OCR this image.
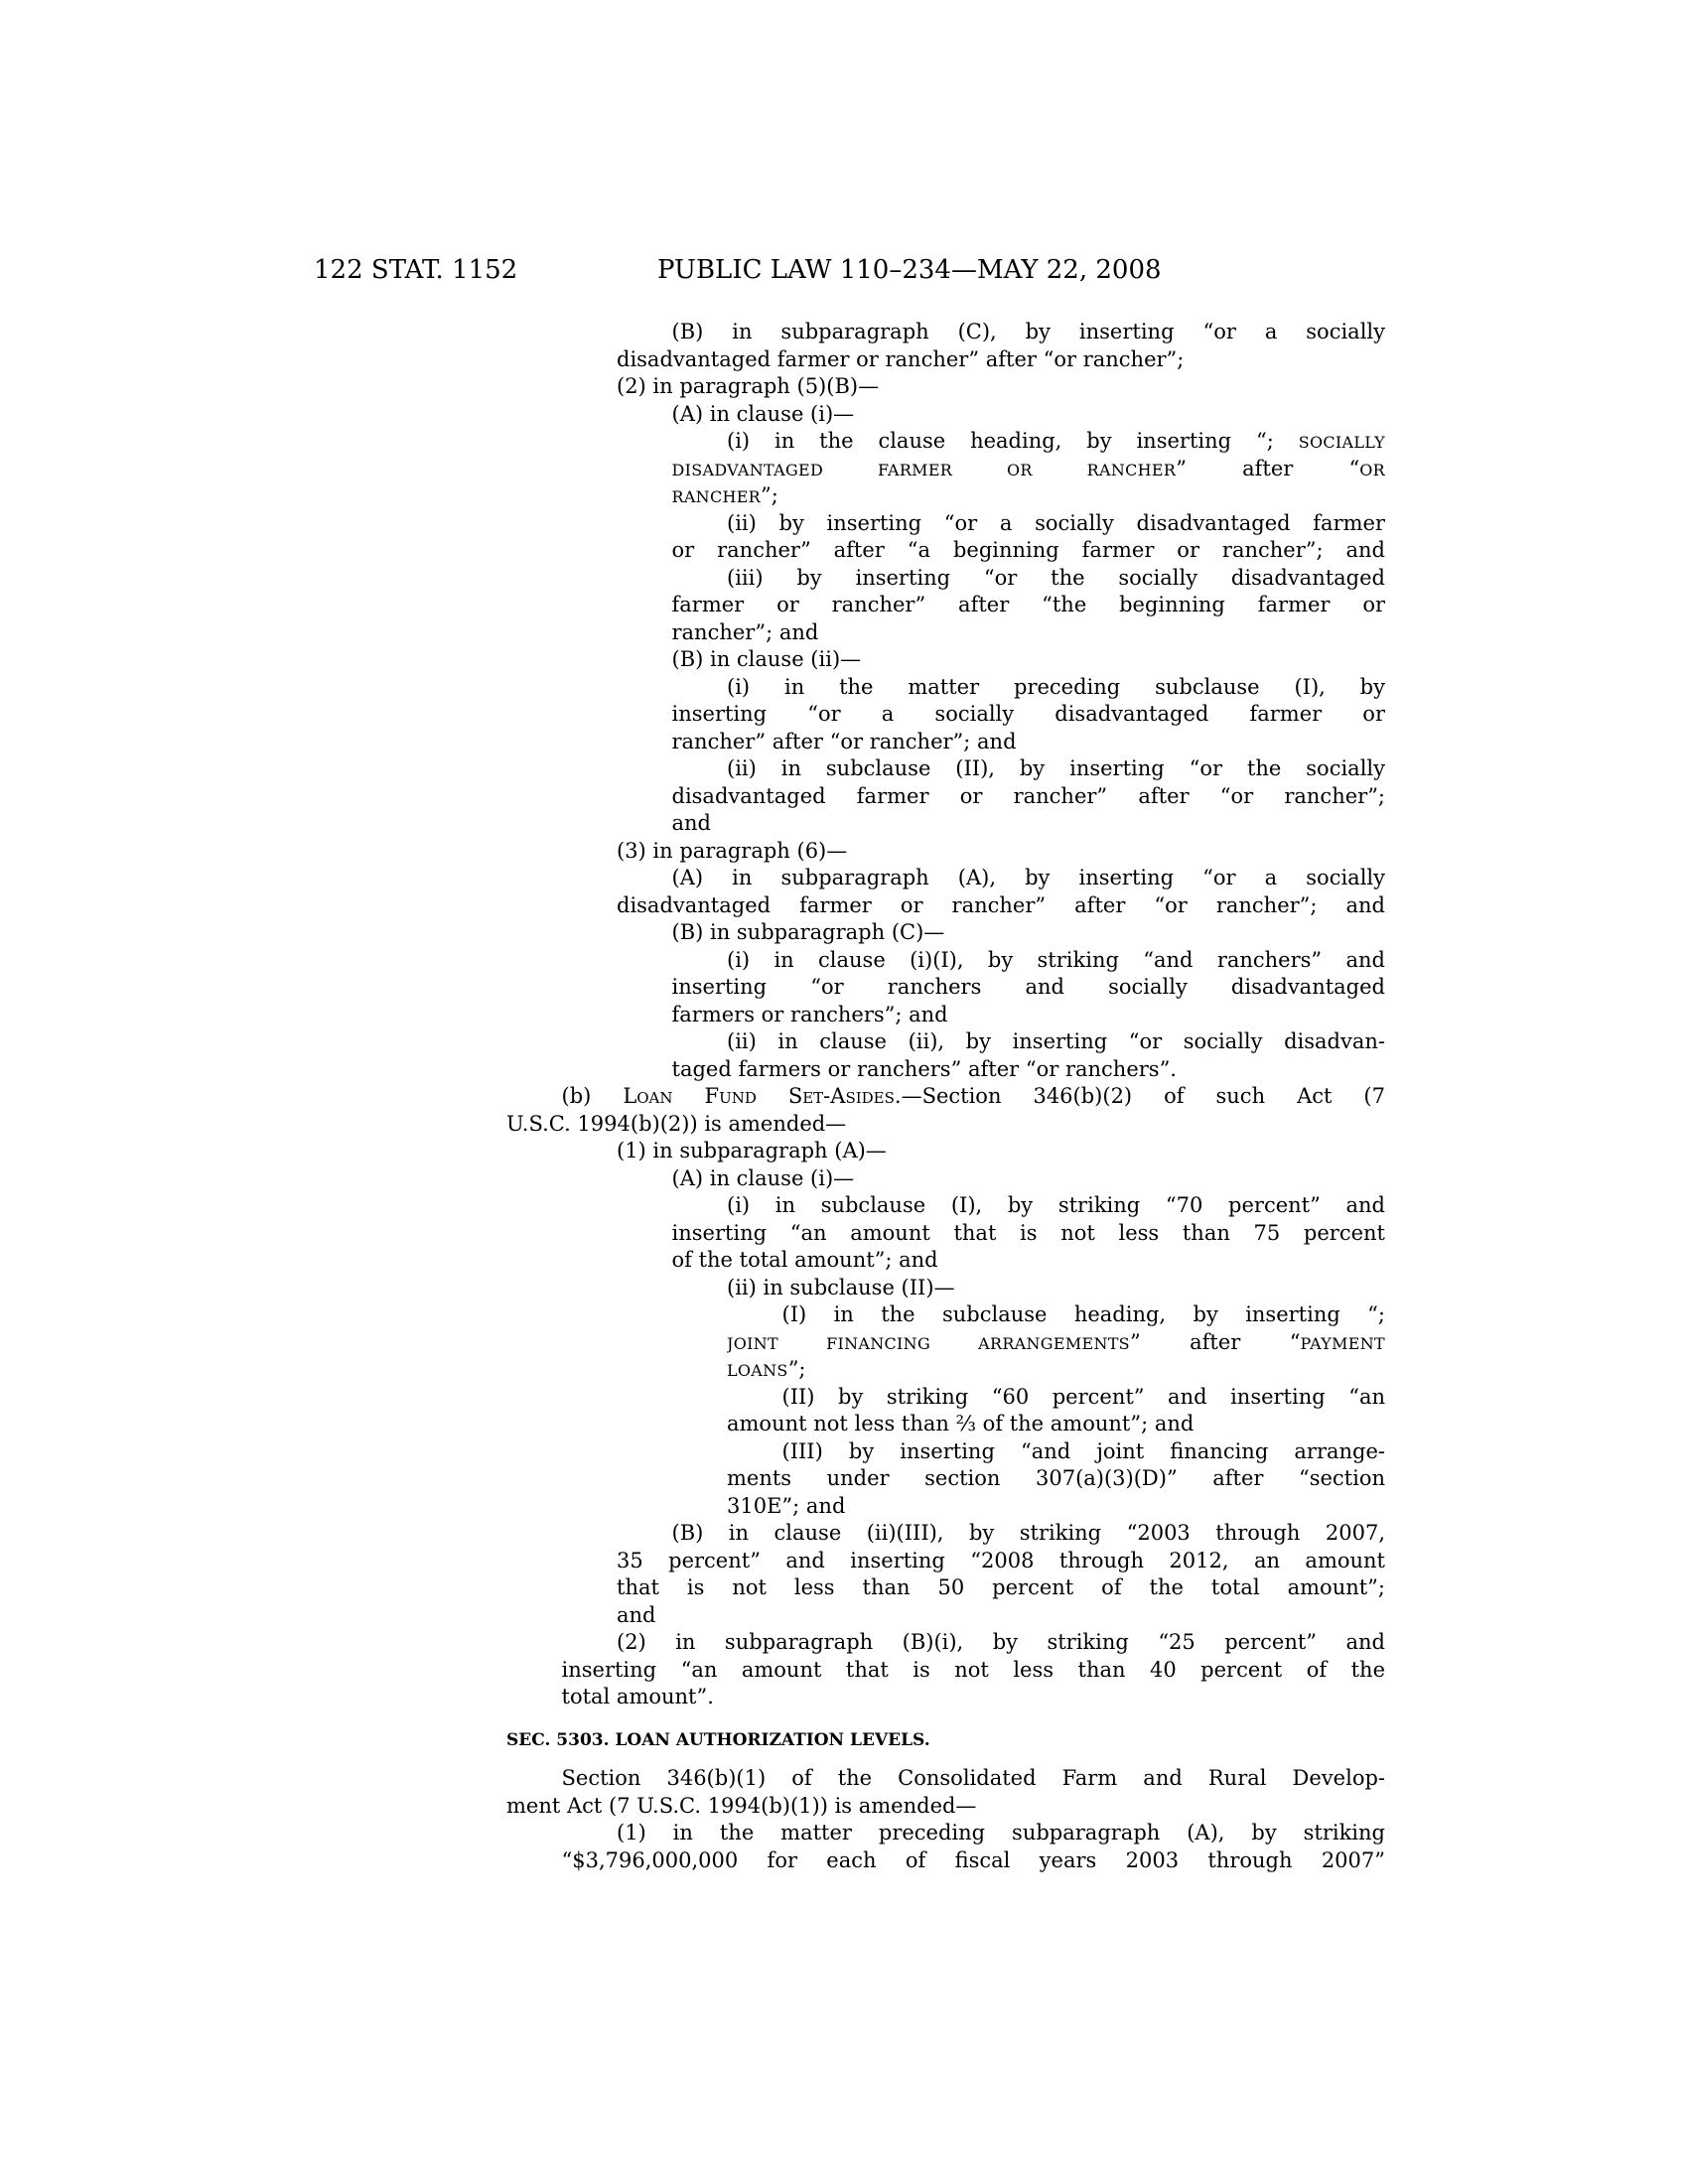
122 STAT. 1152	PUBLIC LAW 110–234—MAY 22, 2008
(B) in subparagraph (C), by inserting “or a socially
disadvantaged farmer or rancher” after “or rancher”;
(2) in paragraph (5)(B)—
(A) in clause (i)—
(i) in the clause heading, by inserting “; SOCIALLY
DISADVANTAGED FARMER OR RANCHER” after “OR
RANCHER”;
(ii) by inserting “or a socially disadvantaged farmer
or rancher” after “a beginning farmer or rancher”; and
(iii) by inserting “or the socially disadvantaged
farmer or rancher” after “the beginning farmer or
rancher”; and
(B) in clause (ii)—
(i) in the matter preceding subclause (I), by
inserting “or a socially disadvantaged farmer or
rancher” after “or rancher”; and
(ii) in subclause (II), by inserting “or the socially
disadvantaged farmer or rancher” after “or rancher”;
and
(3) in paragraph (6)—
(A) in subparagraph (A), by inserting “or a socially
disadvantaged farmer or rancher” after “or rancher”; and
(B) in subparagraph (C)—
(i) in clause (i)(I), by striking “and ranchers” and
inserting “or ranchers and socially disadvantaged
farmers or ranchers”; and
(ii) in clause (ii), by inserting “or socially disadvan-
taged farmers or ranchers” after “or ranchers”.
(b) Loan Fund Set-Asides.—Section 346(b)(2) of such Act (7
U.S.C. 1994(b)(2)) is amended—
(1) in subparagraph (A)—
(A) in clause (i)—
(i) in subclause (I), by striking “70 percent” and
inserting “an amount that is not less than 75 percent
of the total amount”; and
(ii) in subclause (II)—
(I) in the subclause heading, by inserting “;
JOINT FINANCING ARRANGEMENTS” after “PAYMENT
LOANS”;
(II) by striking “60 percent” and inserting “an
amount not less than ⅔ of the amount”; and
(III) by inserting “and joint financing arrange-
ments under section 307(a)(3)(D)” after “section
310E”; and
(B) in clause (ii)(III), by striking “2003 through 2007,
35 percent” and inserting “2008 through 2012, an amount
that is not less than 50 percent of the total amount”;
and
(2) in subparagraph (B)(i), by striking “25 percent” and
inserting “an amount that is not less than 40 percent of the
total amount”.
SEC. 5303. LOAN AUTHORIZATION LEVELS.
Section 346(b)(1) of the Consolidated Farm and Rural Develop-
ment Act (7 U.S.C. 1994(b)(1)) is amended—
(1) in the matter preceding subparagraph (A), by striking
“$3,796,000,000 for each of fiscal years 2003 through 2007”
